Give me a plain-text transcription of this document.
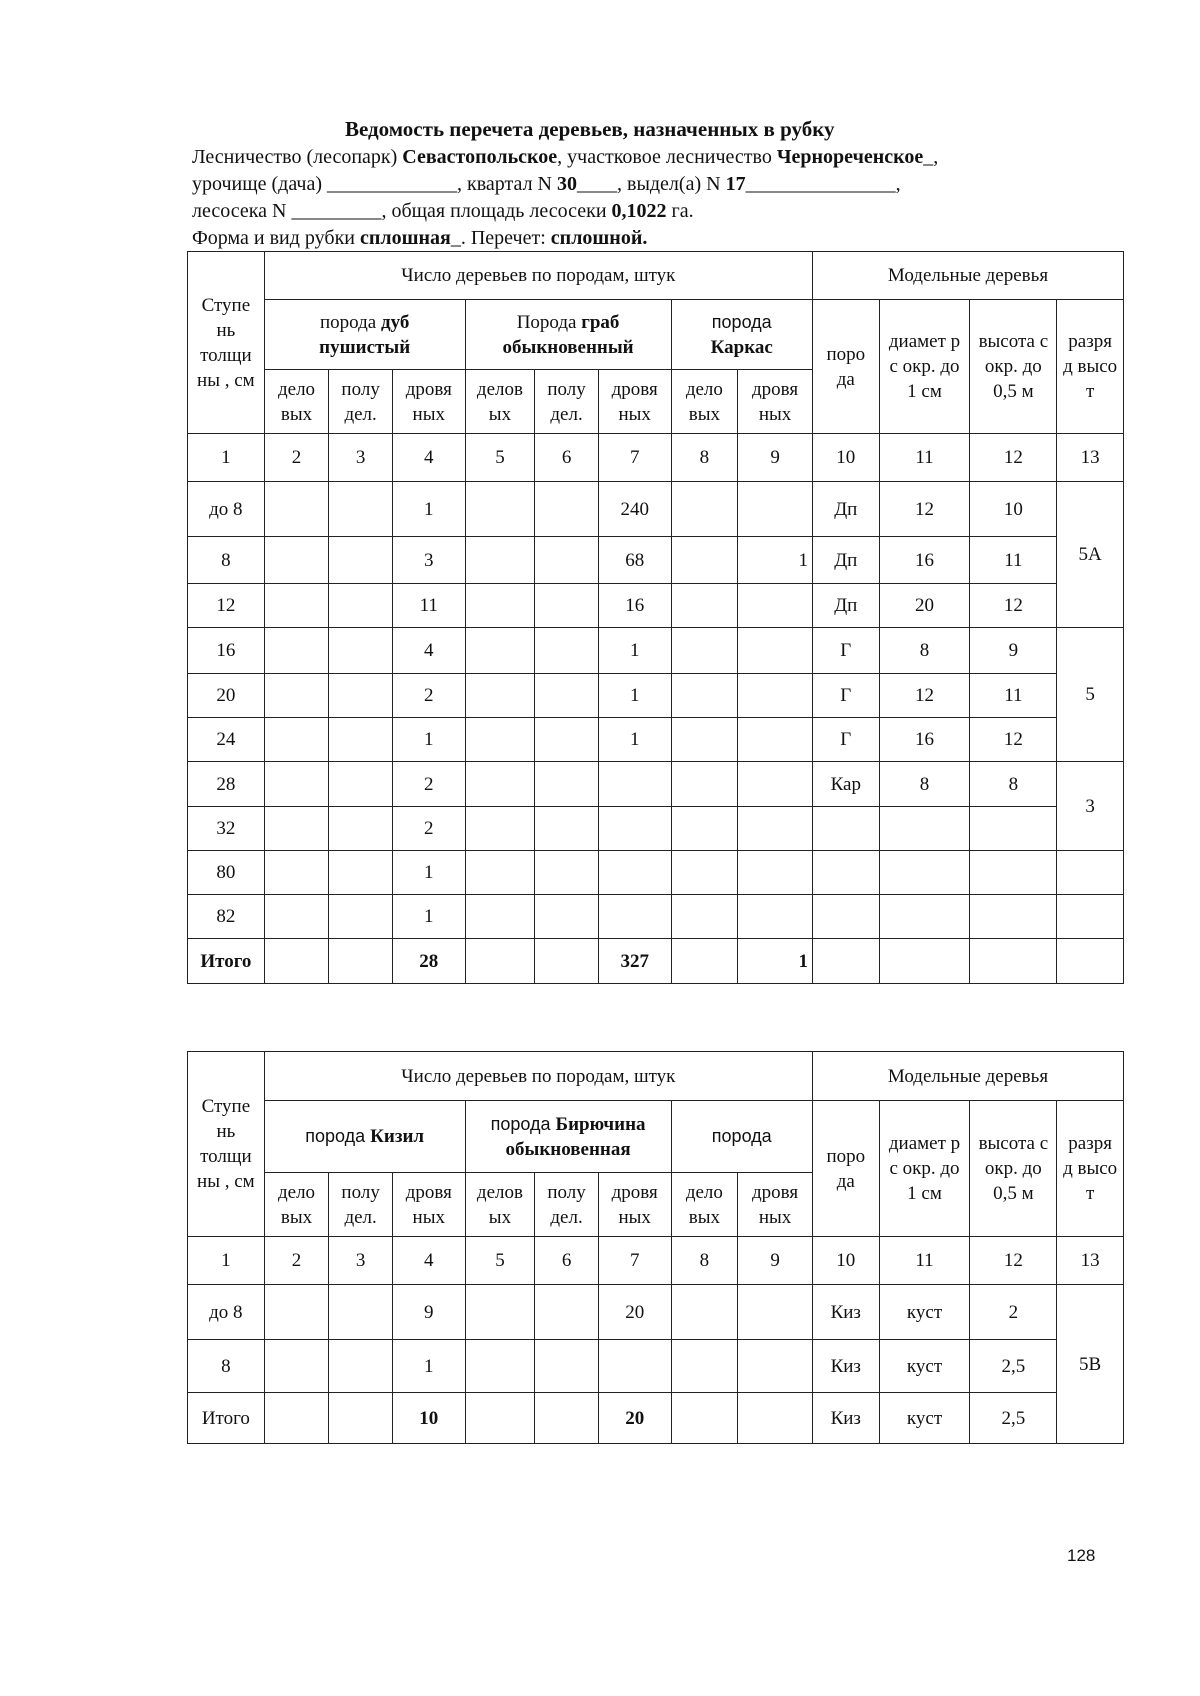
Ведомость перечета деревьев, назначенных в рубку
Лесничество (лесопарк) Севастопольское, участковое лесничество Чернореченское_,
урочище (дача) _____________, квартал N 30____, выдел(а) N 17_______________,
лесосека N _________, общая площадь лесосеки 0,1022 га.
Форма и вид рубки сплошная_. Перечет: сплошной.
Ступе нь толщи ны , см	Число деревьев по породам, штук								Модельные деревья			
	порода дуб
пушистый			Порода граб
обыкновенный			порода
Каркас		поро да	диамет р с окр. до 1 см	высота с окр. до 0,5 м	разря д высо т
	дело вых	полу дел.	дровя ных	делов ых	полу дел.	дровя ных	дело вых	дровя ных				
1	2	3	4	5	6	7	8	9	10	11	12	13
до 8			1			240			Дп	12	10	5А
8			3			68		1	Дп	16	11	
12			11			16			Дп	20	12	
16			4			1			Г	8	9	5
20			2			1			Г	12	11	
24			1			1			Г	16	12	
28			2						Кар	8	8	3
32			2									
80			1									
82			1									
Итого			28			327		1				
Ступе нь толщи ны , см	Число деревьев по породам, штук								Модельные деревья			
	порода Кизил			порода Бирючина
обыкновенная			порода		поро да	диамет р с окр. до 1 см	высота с окр. до 0,5 м	разря д высо т
	дело вых	полу дел.	дровя ных	делов ых	полу дел.	дровя ных	дело вых	дровя ных				
1	2	3	4	5	6	7	8	9	10	11	12	13
до 8			9			20			Киз	куст	2	5В
8			1						Киз	куст	2,5	
Итого			10			20			Киз	куст	2,5	
128
